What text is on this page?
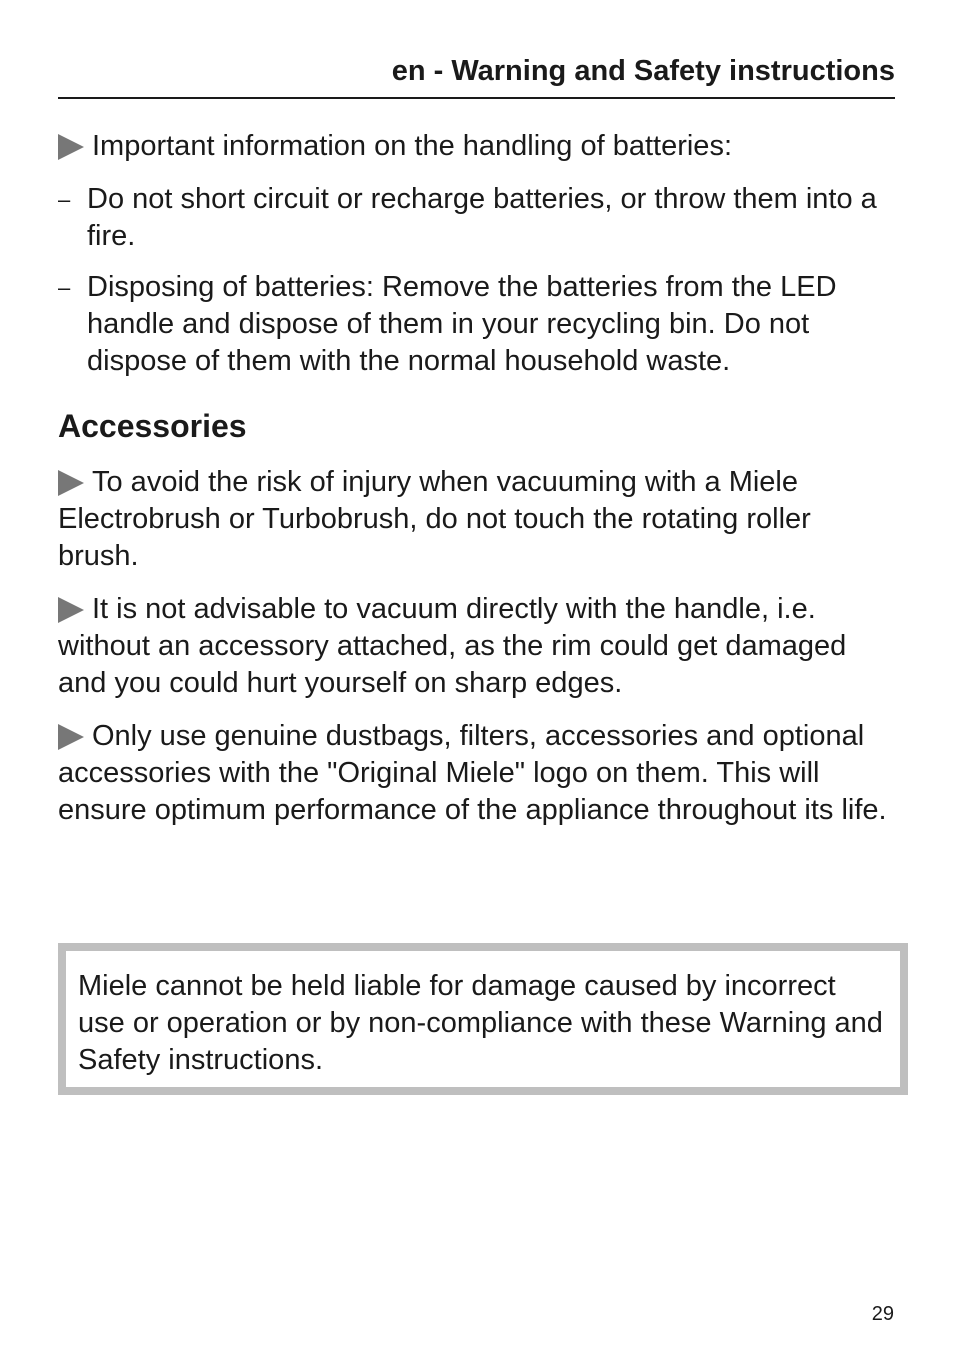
en - Warning and Safety instructions

Important information on the handling of batteries:

– Do not short circuit or recharge batteries, or throw them into a fire.
– Disposing of batteries: Remove the batteries from the LED handle and dispose of them in your recycling bin. Do not dispose of them with the normal household waste.
Accessories

To avoid the risk of injury when vacuuming with a Miele Electrobrush or Turbobrush, do not touch the rotating roller brush.

It is not advisable to vacuum directly with the handle, i.e. without an accessory attached, as the rim could get damaged and you could hurt yourself on sharp edges.

Only use genuine dustbags, filters, accessories and optional accessories with the "Original Miele" logo on them. This will ensure optimum performance of the appliance throughout its life.

Miele cannot be held liable for damage caused by incorrect use or operation or by non-compliance with these Warning and Safety instructions.
29
